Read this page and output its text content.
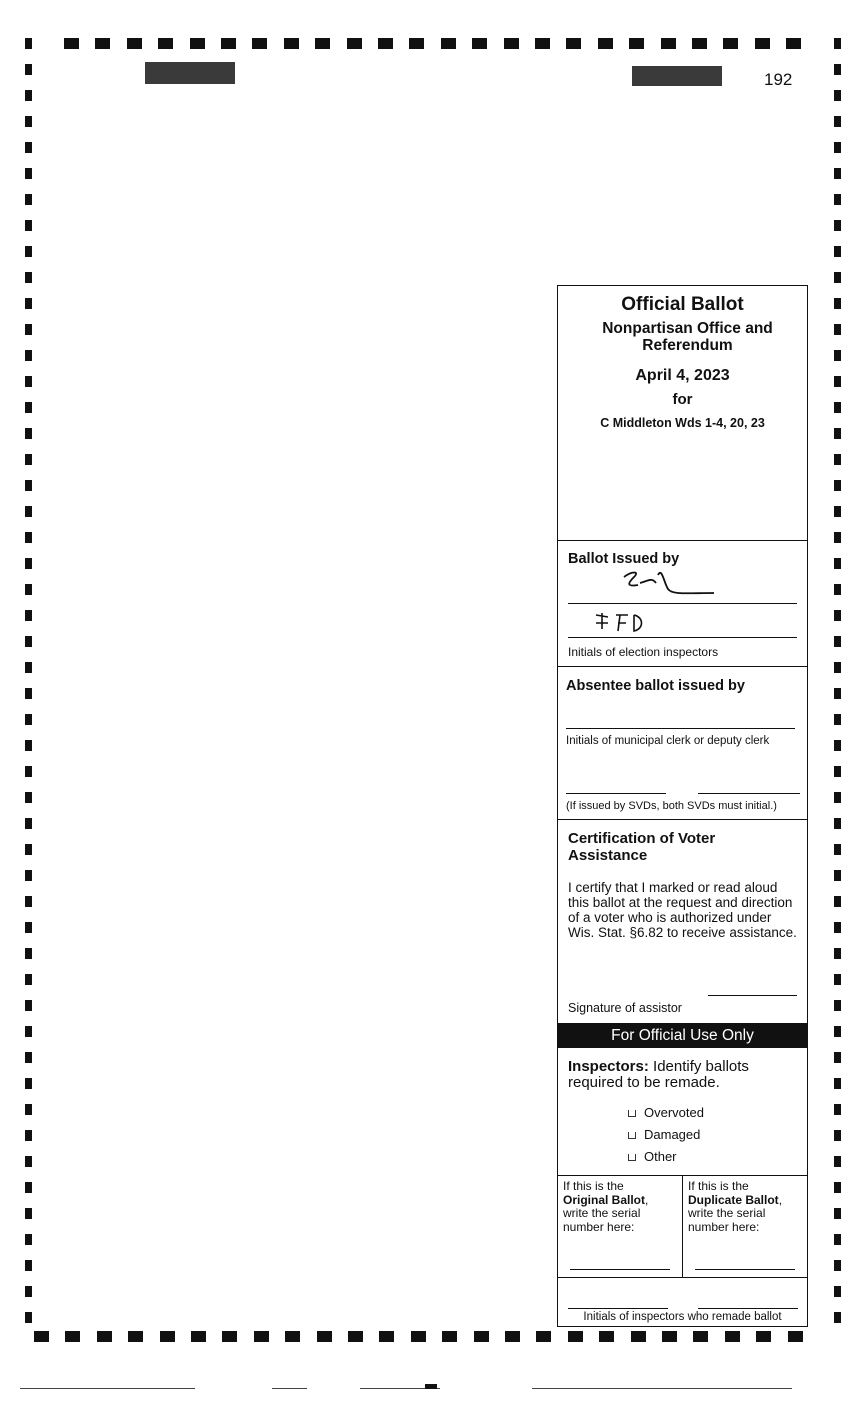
192
Official Ballot
Nonpartisan Office and Referendum
April 4, 2023
for
C Middleton Wds 1-4, 20, 23
Ballot Issued by
Initials of election inspectors
Absentee ballot issued by
Initials of municipal clerk or deputy clerk
(If issued by SVDs, both SVDs must initial.)
Certification of Voter Assistance
I certify that I marked or read aloud this ballot at the request and direction of a voter who is authorized under Wis. Stat. §6.82 to receive assistance.
Signature of assistor
For Official Use Only
Inspectors: Identify ballots required to be remade.
Overvoted
Damaged
Other
If this is the
Original Ballot,
write the serial number here:
If this is the
Duplicate Ballot,
write the serial number here:
Initials of inspectors who remade ballot
